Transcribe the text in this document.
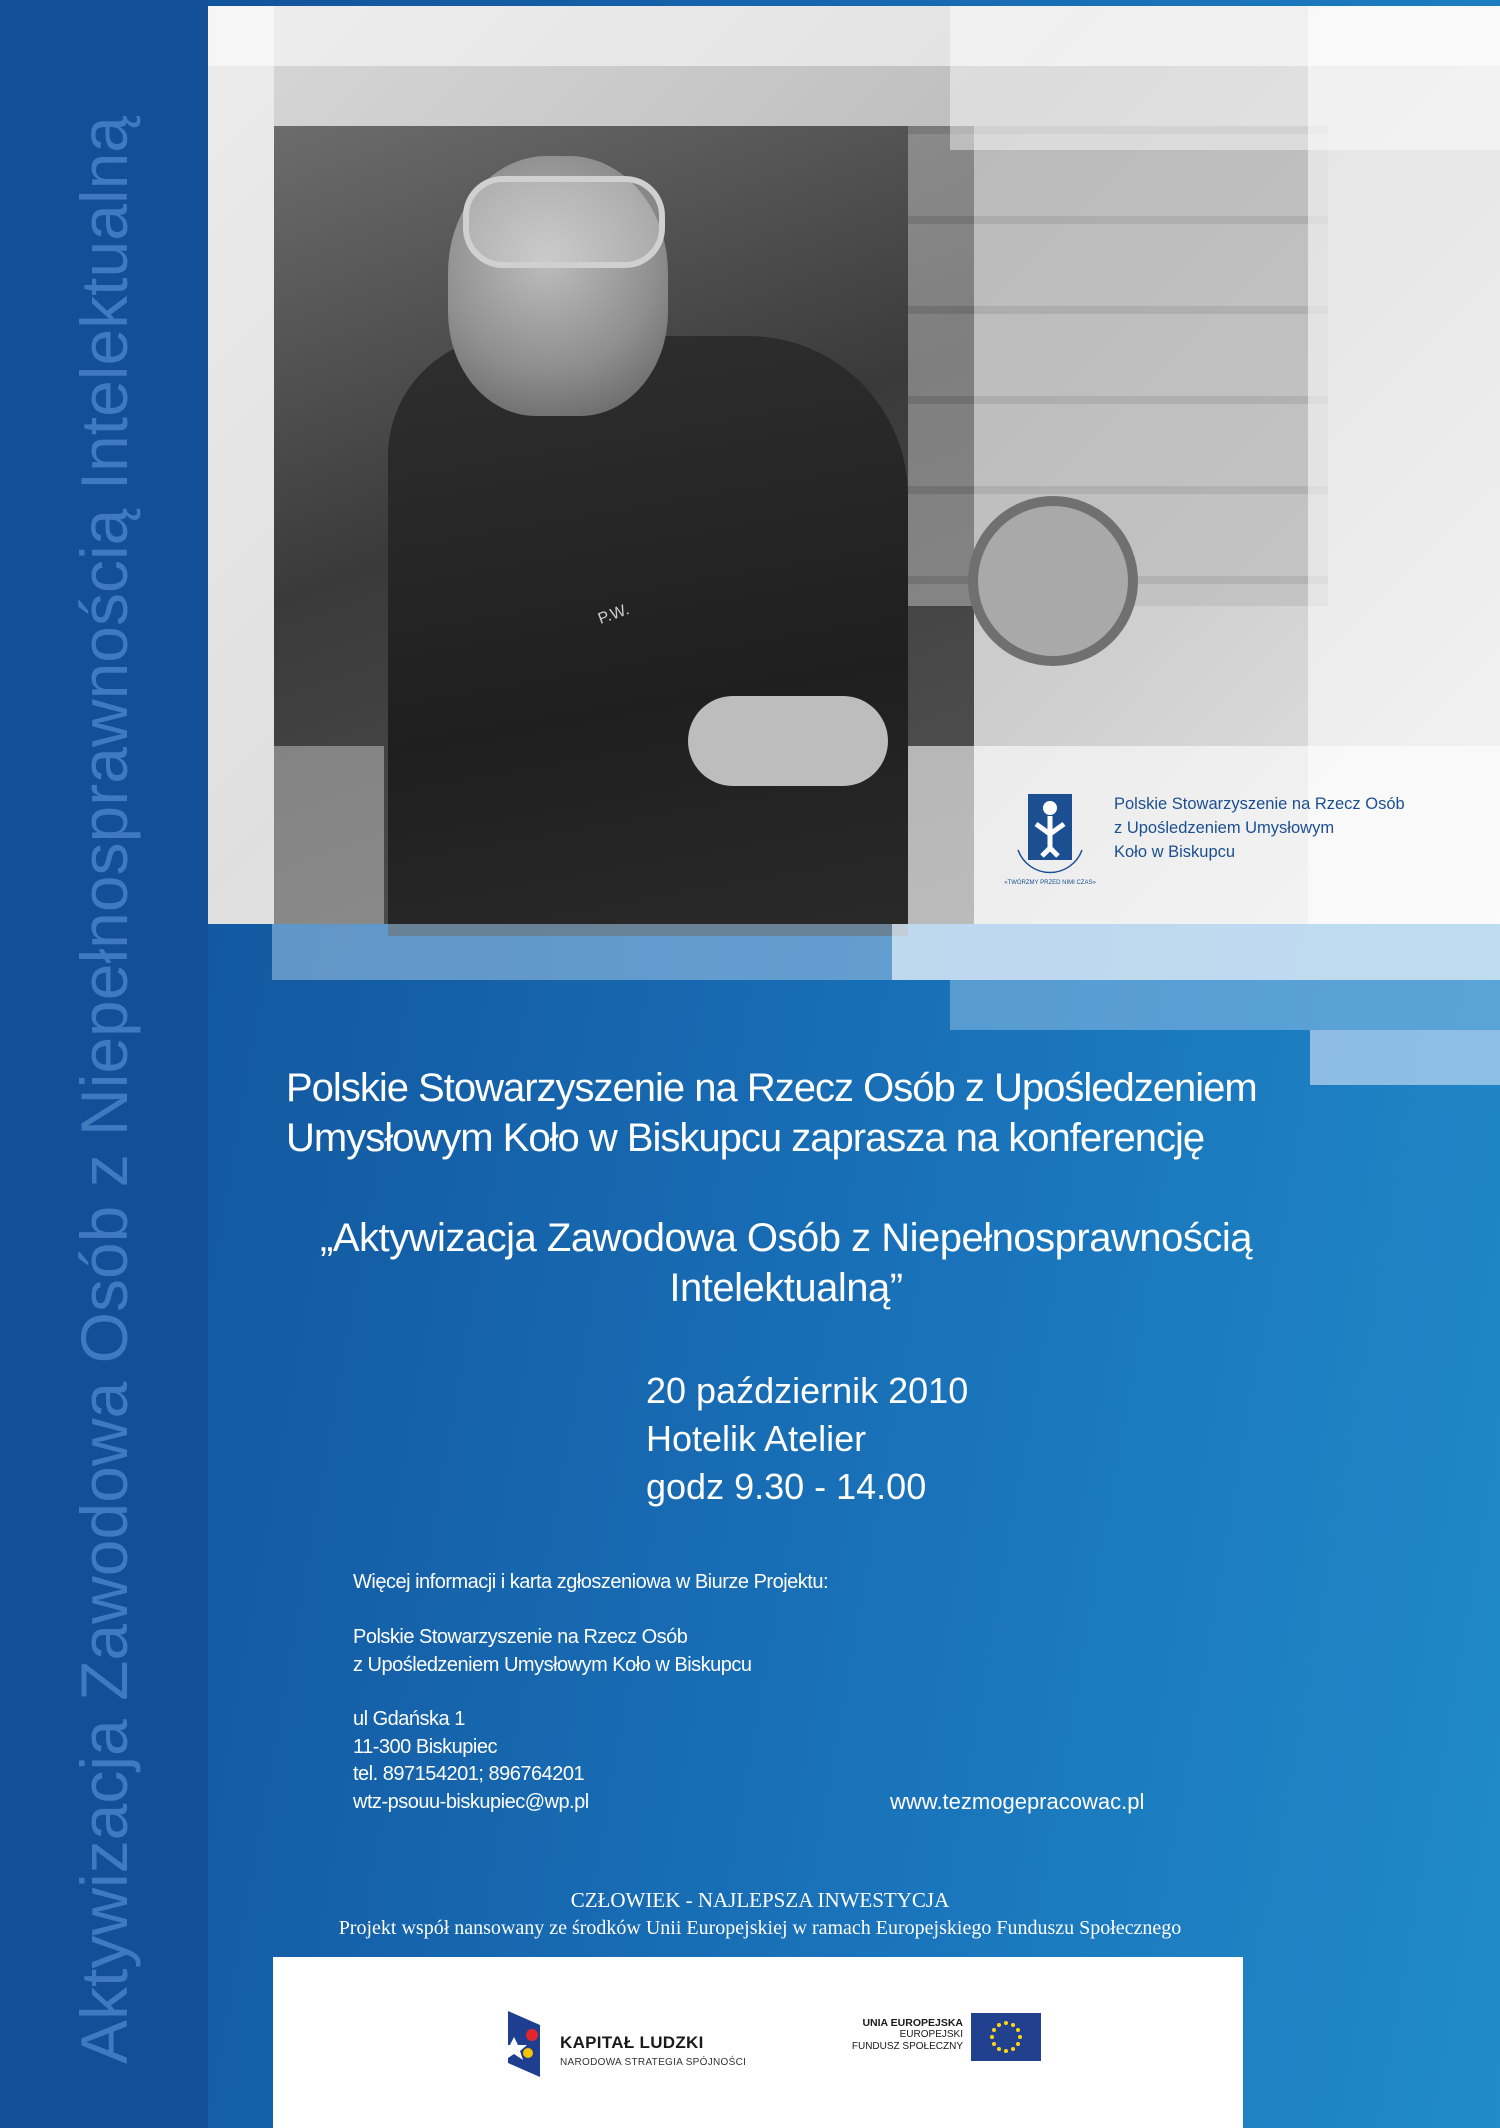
Aktywizacja Zawodowa Osób z Niepełnosprawnością Intelektualną	P.W.
«TWÓRZMY PRZED NIMI CZAS»
Polskie Stowarzyszenie na Rzecz Osób
z Upośledzeniem Umysłowym
Koło w Biskupcu
Polskie Stowarzyszenie na Rzecz Osób z Upośledzeniem
Umysłowym Koło w Biskupcu zaprasza na konferencję
„Aktywizacja Zawodowa Osób z Niepełnosprawnością
Intelektualną”
20 październik 2010
Hotelik Atelier
godz 9.30 - 14.00
Więcej informacji i karta zgłoszeniowa w Biurze Projektu:
Polskie Stowarzyszenie na Rzecz Osób
z Upośledzeniem Umysłowym Koło w Biskupcu
ul Gdańska 1
11-300 Biskupiec
tel. 897154201; 896764201
wtz-psouu-biskupiec@wp.pl	www.tezmogepracowac.pl
CZŁOWIEK - NAJLEPSZA INWESTYCJA
Projekt współ nansowany ze środków Unii Europejskiej w ramach Europejskiego Funduszu Społecznego
KAPITAŁ LUDZKI
NARODOWA STRATEGIA SPÓJNOŚCI
UNIA EUROPEJSKA
EUROPEJSKI
FUNDUSZ SPOŁECZNY
